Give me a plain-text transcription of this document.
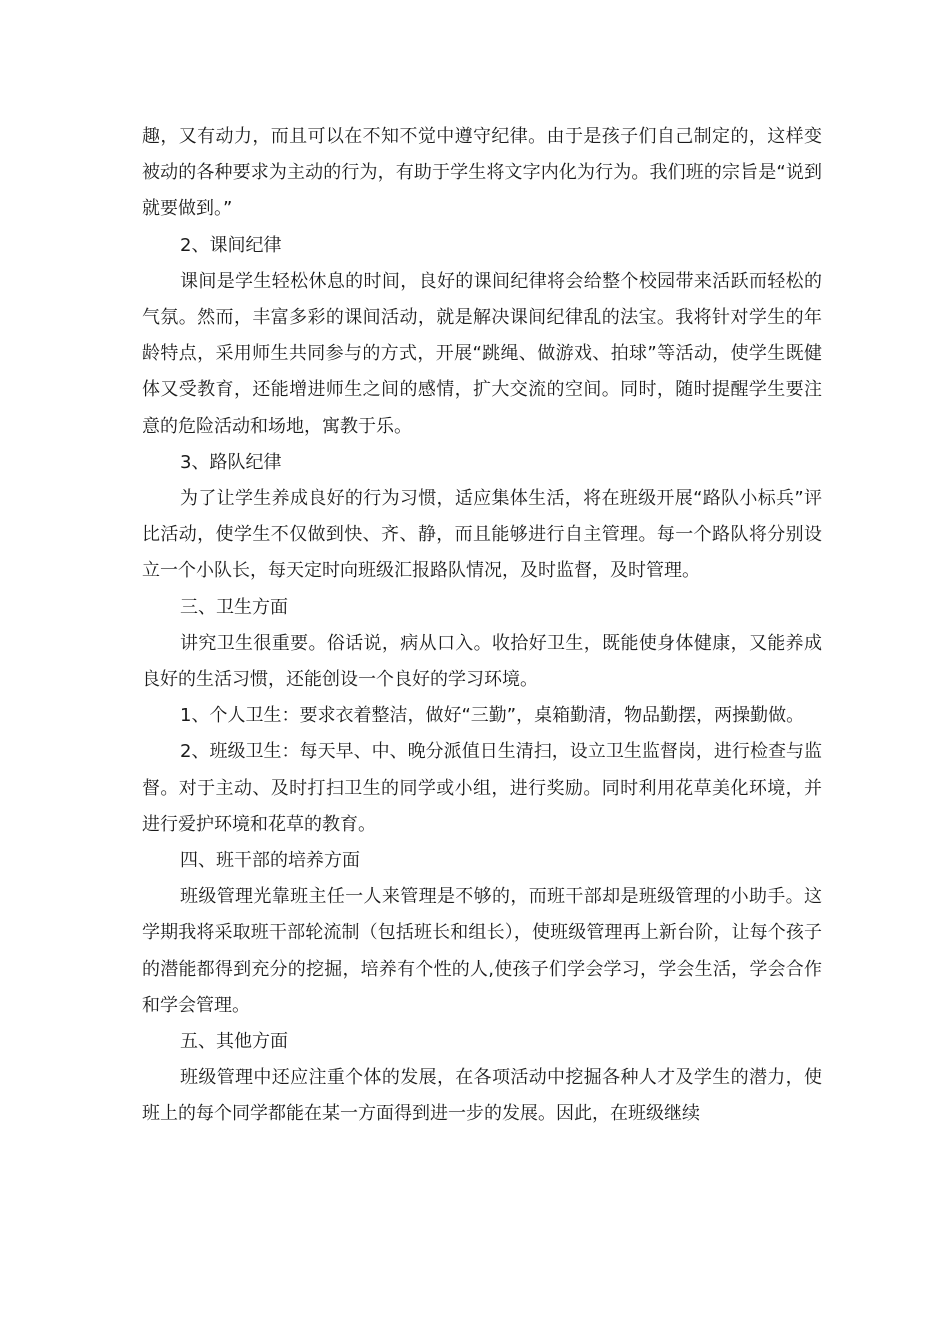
趣，又有动力，而且可以在不知不觉中遵守纪律。由于是孩子们自己制定的，这样变被动的各种要求为主动的行为，有助于学生将文字内化为行为。我们班的宗旨是“说到就要做到。”

2、课间纪律

课间是学生轻松休息的时间，良好的课间纪律将会给整个校园带来活跃而轻松的气氛。然而，丰富多彩的课间活动，就是解决课间纪律乱的法宝。我将针对学生的年龄特点，采用师生共同参与的方式，开展“跳绳、做游戏、拍球”等活动，使学生既健体又受教育，还能增进师生之间的感情，扩大交流的空间。同时，随时提醒学生要注意的危险活动和场地，寓教于乐。

3、路队纪律

为了让学生养成良好的行为习惯，适应集体生活，将在班级开展“路队小标兵”评比活动，使学生不仅做到快、齐、静，而且能够进行自主管理。每一个路队将分别设立一个小队长，每天定时向班级汇报路队情况，及时监督，及时管理。

三、卫生方面

讲究卫生很重要。俗话说，病从口入。收拾好卫生，既能使身体健康，又能养成良好的生活习惯，还能创设一个良好的学习环境。

1、个人卫生：要求衣着整洁，做好“三勤”，桌箱勤清，物品勤摆，两操勤做。

2、班级卫生：每天早、中、晚分派值日生清扫，设立卫生监督岗，进行检查与监督。对于主动、及时打扫卫生的同学或小组，进行奖励。同时利用花草美化环境，并进行爱护环境和花草的教育。

四、班干部的培养方面

班级管理光靠班主任一人来管理是不够的，而班干部却是班级管理的小助手。这学期我将采取班干部轮流制（包括班长和组长），使班级管理再上新台阶，让每个孩子的潜能都得到充分的挖掘，培养有个性的人,使孩子们学会学习，学会生活，学会合作和学会管理。

五、其他方面

班级管理中还应注重个体的发展，在各项活动中挖掘各种人才及学生的潜力，使班上的每个同学都能在某一方面得到进一步的发展。因此，在班级继续
